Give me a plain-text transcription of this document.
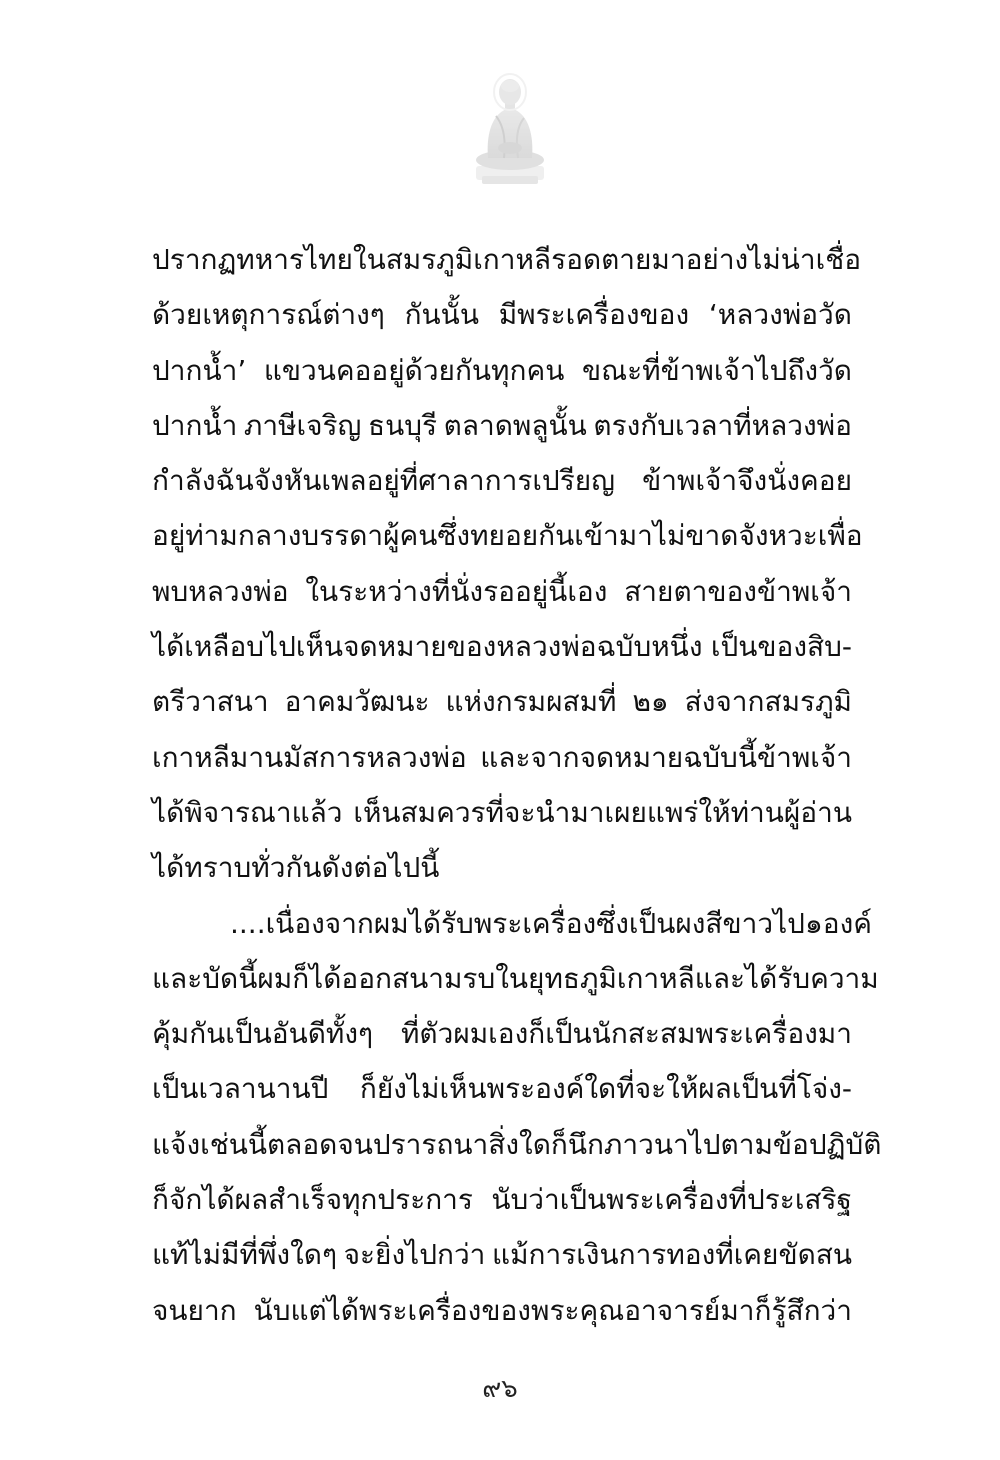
ปรากฏทหารไทยในสมรภูมิเกาหลีรอดตายมาอย่างไม่น่าเชื่อ
ด้วยเหตุการณ์ต่างๆ กันนั้น มีพระเครื่องของ ‘หลวงพ่อวัด
ปากน้ำ’ แขวนคออยู่ด้วยกันทุกคน ขณะที่ข้าพเจ้าไปถึงวัด
ปากน้ำ ภาษีเจริญ ธนบุรี ตลาดพลูนั้น ตรงกับเวลาที่หลวงพ่อ
กำลังฉันจังหันเพลอยู่ที่ศาลาการเปรียญ ข้าพเจ้าจึงนั่งคอย
อยู่ท่ามกลางบรรดาผู้คนซึ่งทยอยกันเข้ามาไม่ขาดจังหวะเพื่อ
พบหลวงพ่อ ในระหว่างที่นั่งรออยู่นี้เอง สายตาของข้าพเจ้า
ได้เหลือบไปเห็นจดหมายของหลวงพ่อฉบับหนึ่ง เป็นของสิบ-
ตรีวาสนา อาคมวัฒนะ แห่งกรมผสมที่ ๒๑ ส่งจากสมรภูมิ
เกาหลีมานมัสการหลวงพ่อ และจากจดหมายฉบับนี้ข้าพเจ้า
ได้พิจารณาแล้ว เห็นสมควรที่จะนำมาเผยแพร่ให้ท่านผู้อ่าน
ได้ทราบทั่วกันดังต่อไปนี้
....เนื่องจากผมได้รับพระเครื่องซึ่งเป็นผงสีขาวไป ๑ องค์
และบัดนี้ผมก็ได้ออกสนามรบในยุทธภูมิเกาหลี และได้รับความ
คุ้มกันเป็นอันดีทั้งๆ ที่ตัวผมเองก็เป็นนักสะสมพระเครื่องมา
เป็นเวลานานปี ก็ยังไม่เห็นพระองค์ใดที่จะให้ผลเป็นที่โจ่ง-
แจ้งเช่นนี้ ตลอดจนปรารถนาสิ่งใดก็นึกภาวนาไปตามข้อปฏิบัติ
ก็จักได้ผลสำเร็จทุกประการ นับว่าเป็นพระเครื่องที่ประเสริฐ
แท้ไม่มีที่พึ่งใดๆ จะยิ่งไปกว่า แม้การเงินการทองที่เคยขัดสน
จนยาก นับแต่ได้พระเครื่องของพระคุณอาจารย์มาก็รู้สึกว่า
๙๖
